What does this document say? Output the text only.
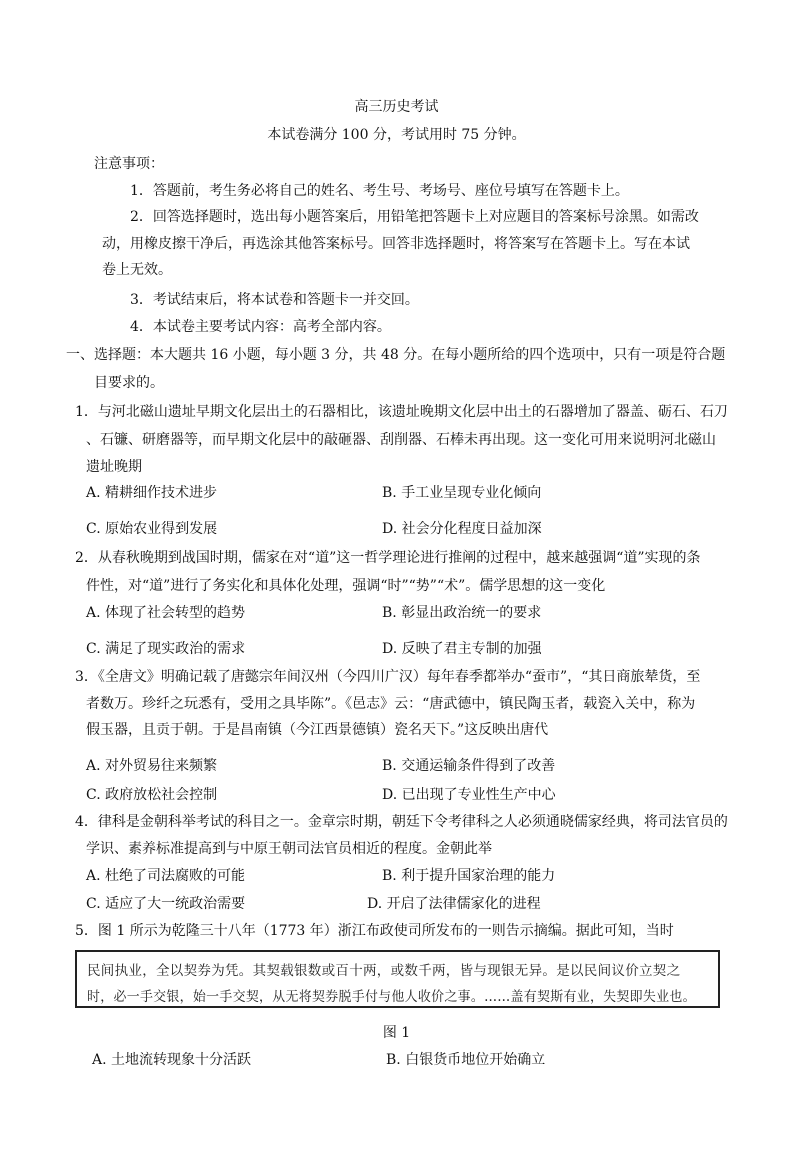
高三历史考试
本试卷满分 100 分，考试用时 75 分钟。
注意事项：
1．答题前，考生务必将自己的姓名、考生号、考场号、座位号填写在答题卡上。
2．回答选择题时，选出每小题答案后，用铅笔把答题卡上对应题目的答案标号涂黑。如需改
动，用橡皮擦干净后，再选涂其他答案标号。回答非选择题时，将答案写在答题卡上。写在本试
卷上无效。
3．考试结束后，将本试卷和答题卡一并交回。
4．本试卷主要考试内容：高考全部内容。
一、选择题：本大题共 16 小题，每小题 3 分，共 48 分。在每小题所给的四个选项中，只有一项是符合题
目要求的。
1．与河北磁山遗址早期文化层出土的石器相比，该遗址晚期文化层中出土的石器增加了器盖、砺石、石刀
、石镰、研磨器等，而早期文化层中的敲砸器、刮削器、石棒未再出现。这一变化可用来说明河北磁山
遗址晚期
A. 精耕细作技术进步	B. 手工业呈现专业化倾向
C. 原始农业得到发展	D. 社会分化程度日益加深
2．从春秋晚期到战国时期，儒家在对“道”这一哲学理论进行推阐的过程中，越来越强调“道”实现的条
件性，对“道”进行了务实化和具体化处理，强调“时”“势”“术”。儒学思想的这一变化
A. 体现了社会转型的趋势	B. 彰显出政治统一的要求
C. 满足了现实政治的需求	D. 反映了君主专制的加强
3．《全唐文》明确记载了唐懿宗年间汉州（今四川广汉）每年春季都举办“蚕市”，“其日商旅辇货，至
者数万。珍纤之玩悉有，受用之具毕陈”。《邑志》云：“唐武德中，镇民陶玉者，载瓷入关中，称为
假玉器，且贡于朝。于是昌南镇（今江西景德镇）瓷名天下。”这反映出唐代
A. 对外贸易往来频繁	B. 交通运输条件得到了改善
C. 政府放松社会控制	D. 已出现了专业性生产中心
4．律科是金朝科举考试的科目之一。金章宗时期，朝廷下令考律科之人必须通晓儒家经典，将司法官员的
学识、素养标准提高到与中原王朝司法官员相近的程度。金朝此举
A. 杜绝了司法腐败的可能	B. 利于提升国家治理的能力
C. 适应了大一统政治需要	D. 开启了法律儒家化的进程
5．图 1 所示为乾隆三十八年（1773 年）浙江布政使司所发布的一则告示摘编。据此可知，当时
民间执业，全以契券为凭。其契载银数或百十两，或数千两，皆与现银无异。是以民间议价立契之
时，必一手交银，始一手交契，从无将契券脱手付与他人收价之事。……盖有契斯有业，失契即失业也。
图 1
A. 土地流转现象十分活跃	B. 白银货币地位开始确立
